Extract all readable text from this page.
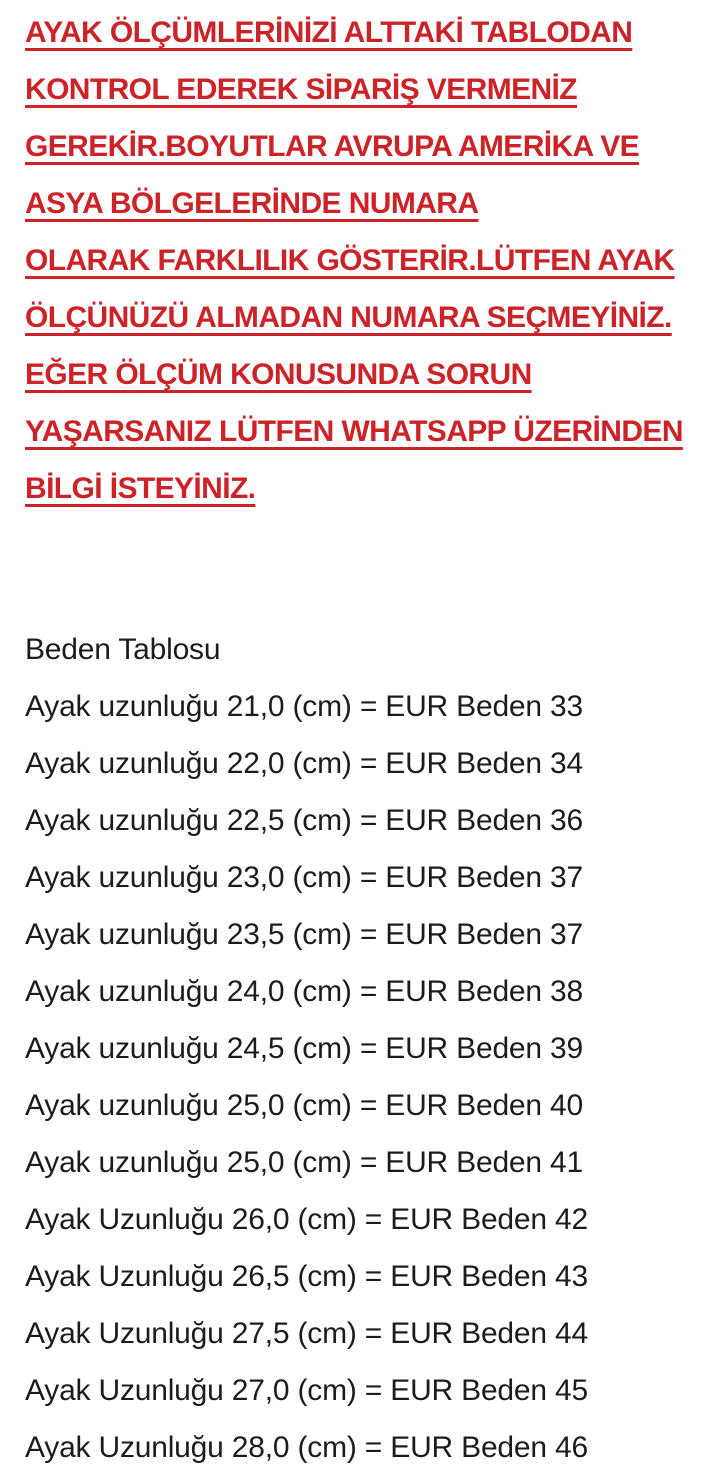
AYAK ÖLÇÜMLERİNİZİ ALTTAKİ TABLODAN
KONTROL EDEREK SİPARİŞ VERMENİZ
GEREKİR.BOYUTLAR AVRUPA AMERİKA VE
ASYA BÖLGELERİNDE NUMARA
OLARAK FARKLILIK GÖSTERİR.LÜTFEN AYAK
ÖLÇÜNÜZÜ ALMADAN NUMARA SEÇMEYİNİZ.
EĞER ÖLÇÜM KONUSUNDA SORUN
YAŞARSANIZ LÜTFEN WHATSAPP ÜZERİNDEN
BİLGİ İSTEYİNİZ.
Beden Tablosu
Ayak uzunluğu 21,0 (cm) = EUR Beden 33
Ayak uzunluğu 22,0 (cm) = EUR Beden 34
Ayak uzunluğu 22,5 (cm) = EUR Beden 36
Ayak uzunluğu 23,0 (cm) = EUR Beden 37
Ayak uzunluğu 23,5 (cm) = EUR Beden 37
Ayak uzunluğu 24,0 (cm) = EUR Beden 38
Ayak uzunluğu 24,5 (cm) = EUR Beden 39
Ayak uzunluğu 25,0 (cm) = EUR Beden 40
Ayak uzunluğu 25,0 (cm) = EUR Beden 41
Ayak Uzunluğu 26,0 (cm) = EUR Beden 42
Ayak Uzunluğu 26,5 (cm) = EUR Beden 43
Ayak Uzunluğu 27,5 (cm) = EUR Beden 44
Ayak Uzunluğu 27,0 (cm) = EUR Beden 45
Ayak Uzunluğu 28,0 (cm) = EUR Beden 46
